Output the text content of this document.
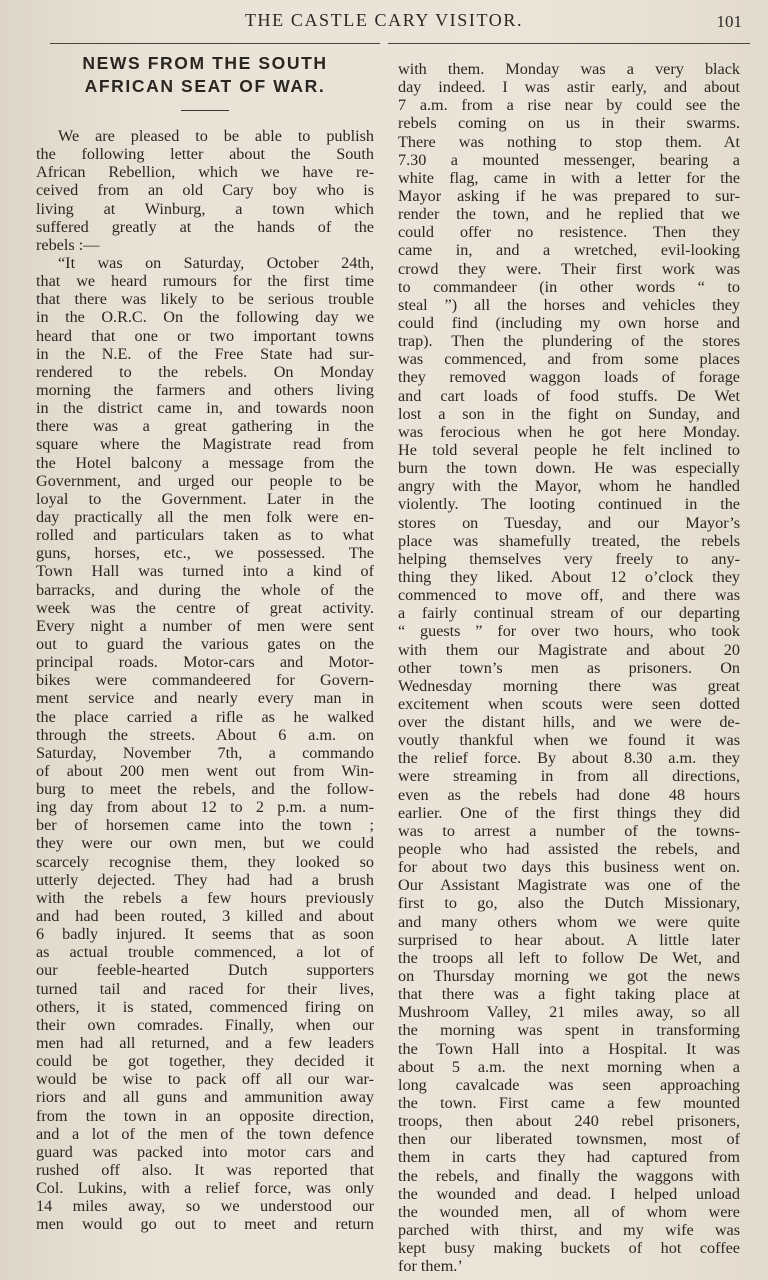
THE CASTLE CARY VISITOR.	101
NEWS FROM THE SOUTH
AFRICAN SEAT OF WAR.
We are pleased to be able to publish
the following letter about the South
African Rebellion, which we have re-
ceived from an old Cary boy who is
living at Winburg, a town which
suffered greatly at the hands of the
rebels :—
“It was on Saturday, October 24th,
that we heard rumours for the first time
that there was likely to be serious trouble
in the O.R.C. On the following day we
heard that one or two important towns
in the N.E. of the Free State had sur-
rendered to the rebels. On Monday
morning the farmers and others living
in the district came in, and towards noon
there was a great gathering in the
square where the Magistrate read from
the Hotel balcony a message from the
Government, and urged our people to be
loyal to the Government. Later in the
day practically all the men folk were en-
rolled and particulars taken as to what
guns, horses, etc., we possessed. The
Town Hall was turned into a kind of
barracks, and during the whole of the
week was the centre of great activity.
Every night a number of men were sent
out to guard the various gates on the
principal roads. Motor-cars and Motor-
bikes were commandeered for Govern-
ment service and nearly every man in
the place carried a rifle as he walked
through the streets. About 6 a.m. on
Saturday, November 7th, a commando
of about 200 men went out from Win-
burg to meet the rebels, and the follow-
ing day from about 12 to 2 p.m. a num-
ber of horsemen came into the town ;
they were our own men, but we could
scarcely recognise them, they looked so
utterly dejected. They had had a brush
with the rebels a few hours previously
and had been routed, 3 killed and about
6 badly injured. It seems that as soon
as actual trouble commenced, a lot of
our feeble-hearted Dutch supporters
turned tail and raced for their lives,
others, it is stated, commenced firing on
their own comrades. Finally, when our
men had all returned, and a few leaders
could be got together, they decided it
would be wise to pack off all our war-
riors and all guns and ammunition away
from the town in an opposite direction,
and a lot of the men of the town defence
guard was packed into motor cars and
rushed off also. It was reported that
Col. Lukins, with a relief force, was only
14 miles away, so we understood our
men would go out to meet and return
with them. Monday was a very black
day indeed. I was astir early, and about
7 a.m. from a rise near by could see the
rebels coming on us in their swarms.
There was nothing to stop them. At
7.30 a mounted messenger, bearing a
white flag, came in with a letter for the
Mayor asking if he was prepared to sur-
render the town, and he replied that we
could offer no resistence. Then they
came in, and a wretched, evil-looking
crowd they were. Their first work was
to commandeer (in other words “ to
steal ”) all the horses and vehicles they
could find (including my own horse and
trap). Then the plundering of the stores
was commenced, and from some places
they removed waggon loads of forage
and cart loads of food stuffs. De Wet
lost a son in the fight on Sunday, and
was ferocious when he got here Monday.
He told several people he felt inclined to
burn the town down. He was especially
angry with the Mayor, whom he handled
violently. The looting continued in the
stores on Tuesday, and our Mayor’s
place was shamefully treated, the rebels
helping themselves very freely to any-
thing they liked. About 12 o’clock they
commenced to move off, and there was
a fairly continual stream of our departing
“ guests ” for over two hours, who took
with them our Magistrate and about 20
other town’s men as prisoners. On
Wednesday morning there was great
excitement when scouts were seen dotted
over the distant hills, and we were de-
voutly thankful when we found it was
the relief force. By about 8.30 a.m. they
were streaming in from all directions,
even as the rebels had done 48 hours
earlier. One of the first things they did
was to arrest a number of the towns-
people who had assisted the rebels, and
for about two days this business went on.
Our Assistant Magistrate was one of the
first to go, also the Dutch Missionary,
and many others whom we were quite
surprised to hear about. A little later
the troops all left to follow De Wet, and
on Thursday morning we got the news
that there was a fight taking place at
Mushroom Valley, 21 miles away, so all
the morning was spent in transforming
the Town Hall into a Hospital. It was
about 5 a.m. the next morning when a
long cavalcade was seen approaching
the town. First came a few mounted
troops, then about 240 rebel prisoners,
then our liberated townsmen, most of
them in carts they had captured from
the rebels, and finally the waggons with
the wounded and dead. I helped unload
the wounded men, all of whom were
parched with thirst, and my wife was
kept busy making buckets of hot coffee
for them.’
